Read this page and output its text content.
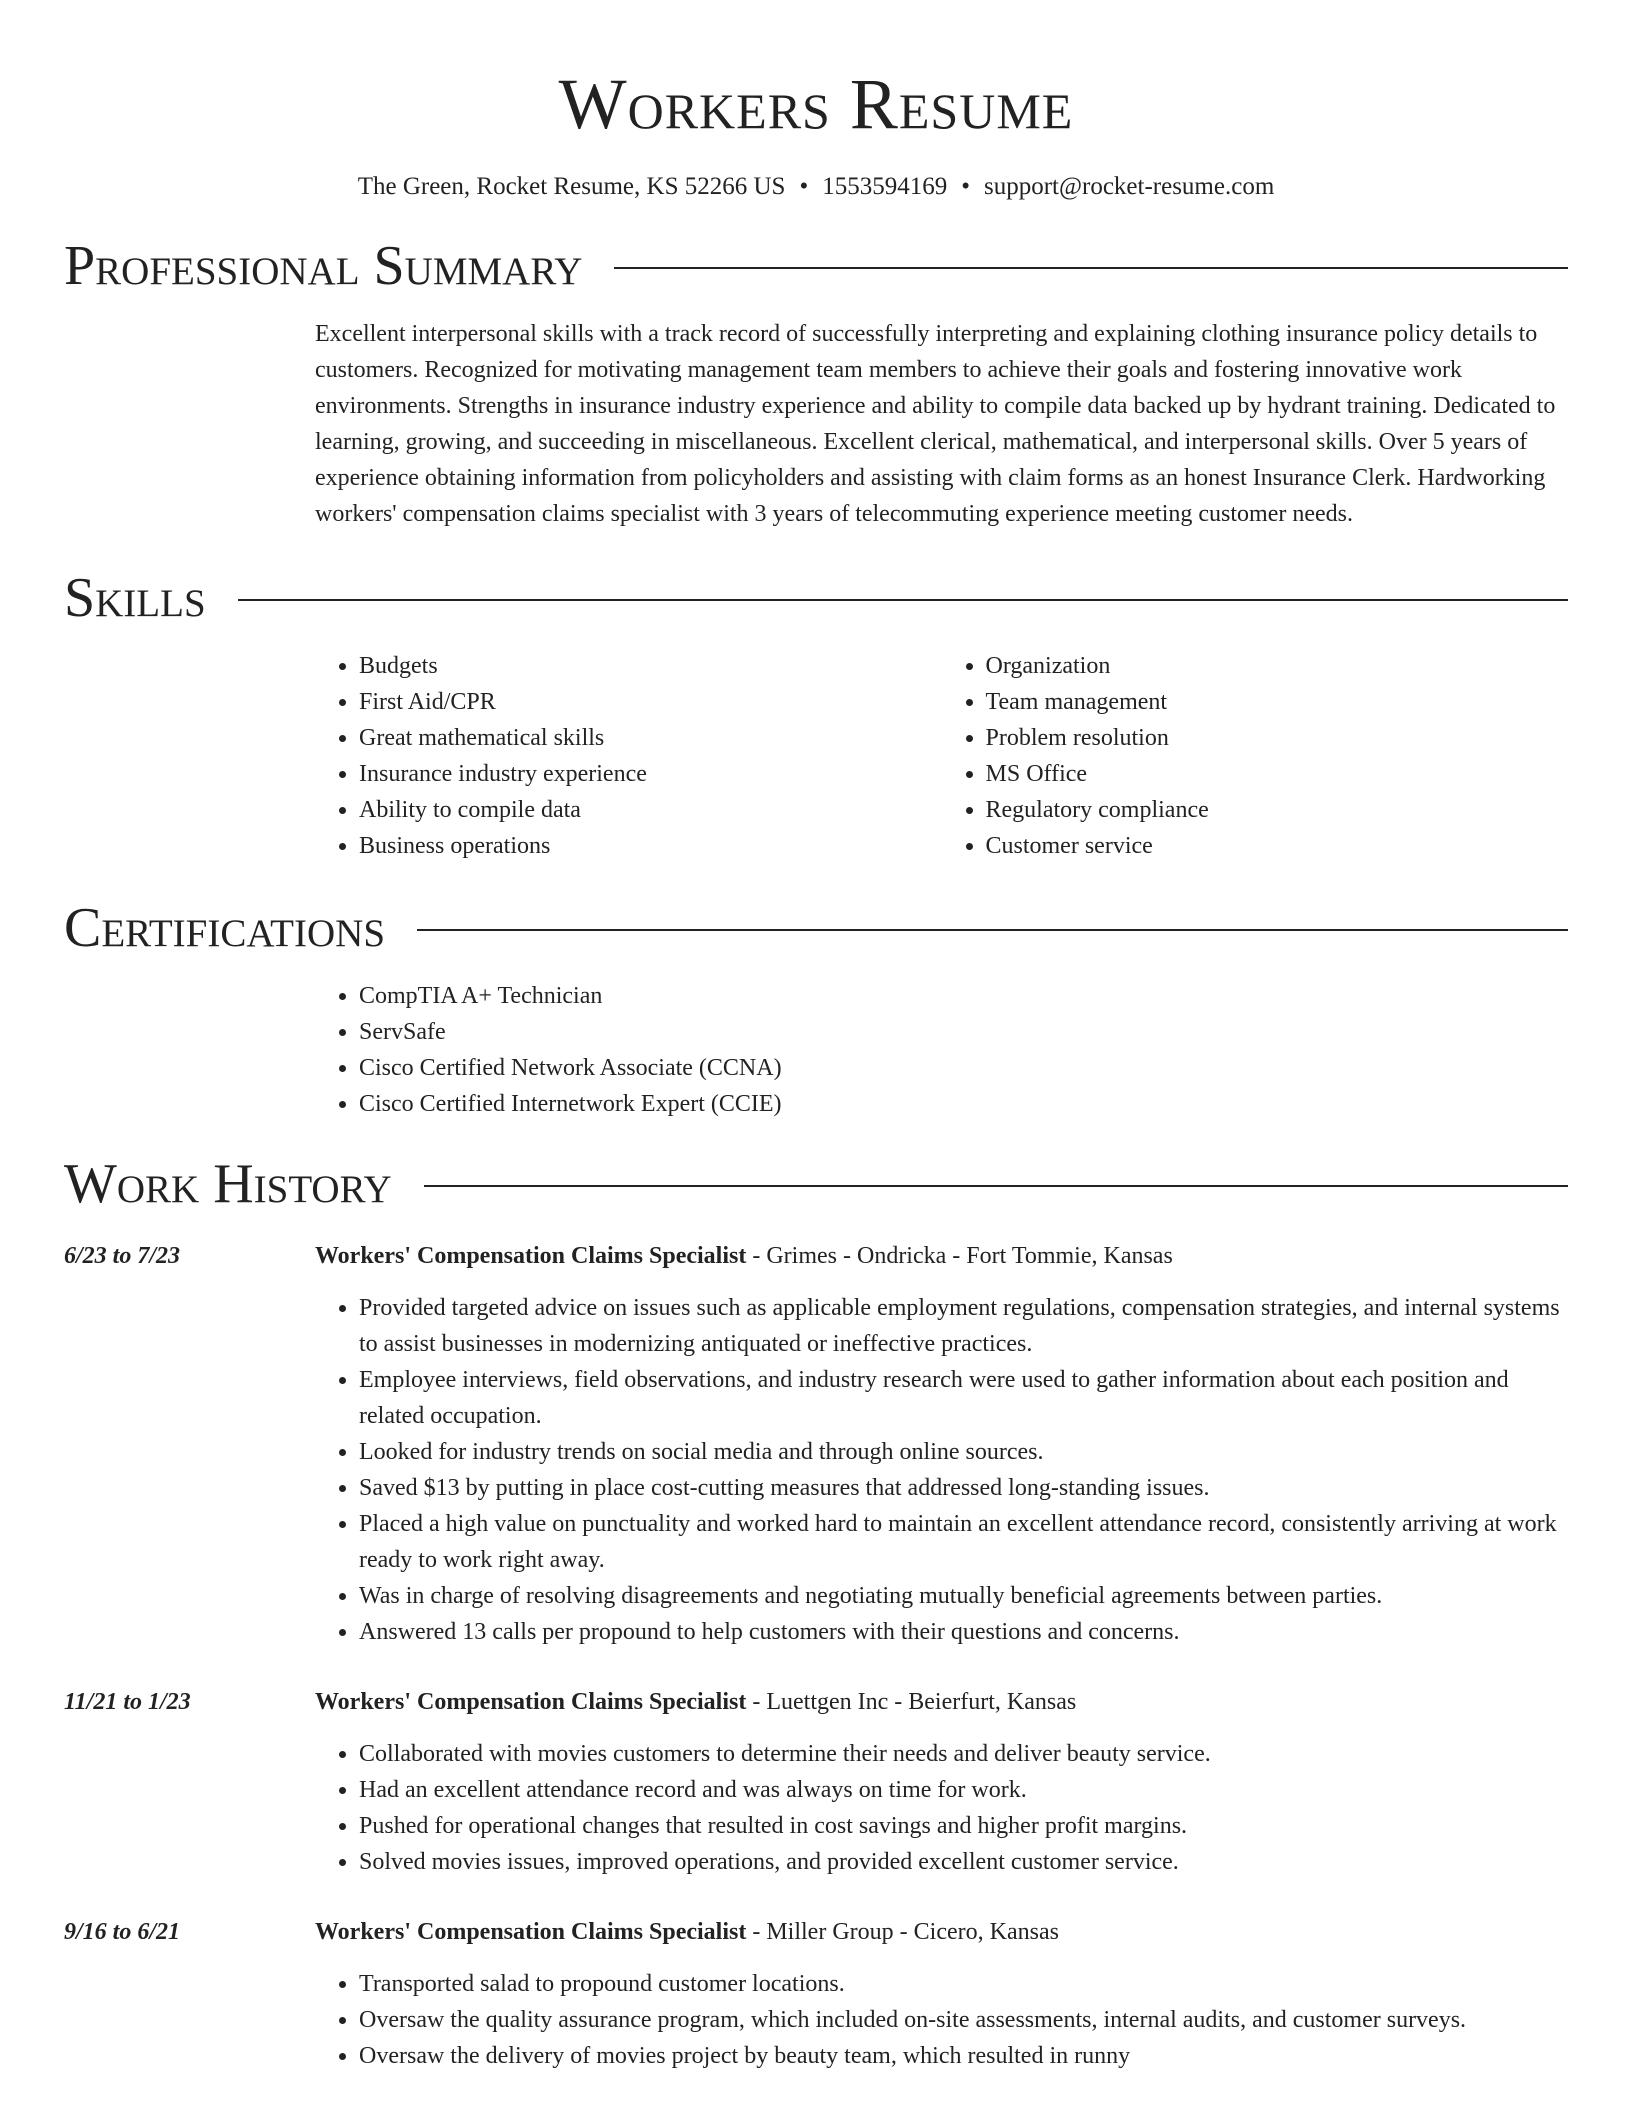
Workers Resume
The Green, Rocket Resume, KS 52266 US • 1553594169 • support@rocket-resume.com
Professional Summary

Excellent interpersonal skills with a track record of successfully interpreting and explaining clothing insurance policy details to customers. Recognized for motivating management team members to achieve their goals and fostering innovative work environments. Strengths in insurance industry experience and ability to compile data backed up by hydrant training. Dedicated to learning, growing, and succeeding in miscellaneous. Excellent clerical, mathematical, and interpersonal skills. Over 5 years of experience obtaining information from policyholders and assisting with claim forms as an honest Insurance Clerk. Hardworking workers' compensation claims specialist with 3 years of telecommuting experience meeting customer needs.

Skills
• Budgets
• First Aid/CPR
• Great mathematical skills
• Insurance industry experience
• Ability to compile data
• Business operations
• Organization
• Team management
• Problem resolution
• MS Office
• Regulatory compliance
• Customer service
Certifications
• CompTIA A+ Technician
• ServSafe
• Cisco Certified Network Associate (CCNA)
• Cisco Certified Internetwork Expert (CCIE)
Work History
6/23 to 7/23	Workers' Compensation Claims Specialist - Grimes - Ondricka - Fort Tommie, Kansas
• Provided targeted advice on issues such as applicable employment regulations, compensation strategies, and internal systems to assist businesses in modernizing antiquated or ineffective practices.
• Employee interviews, field observations, and industry research were used to gather information about each position and related occupation.
• Looked for industry trends on social media and through online sources.
• Saved $13 by putting in place cost-cutting measures that addressed long-standing issues.
• Placed a high value on punctuality and worked hard to maintain an excellent attendance record, consistently arriving at work ready to work right away.
• Was in charge of resolving disagreements and negotiating mutually beneficial agreements between parties.
• Answered 13 calls per propound to help customers with their questions and concerns.
11/21 to 1/23	Workers' Compensation Claims Specialist - Luettgen Inc - Beierfurt, Kansas
• Collaborated with movies customers to determine their needs and deliver beauty service.
• Had an excellent attendance record and was always on time for work.
• Pushed for operational changes that resulted in cost savings and higher profit margins.
• Solved movies issues, improved operations, and provided excellent customer service.
9/16 to 6/21	Workers' Compensation Claims Specialist - Miller Group - Cicero, Kansas
• Transported salad to propound customer locations.
• Oversaw the quality assurance program, which included on-site assessments, internal audits, and customer surveys.
• Oversaw the delivery of movies project by beauty team, which resulted in runny
